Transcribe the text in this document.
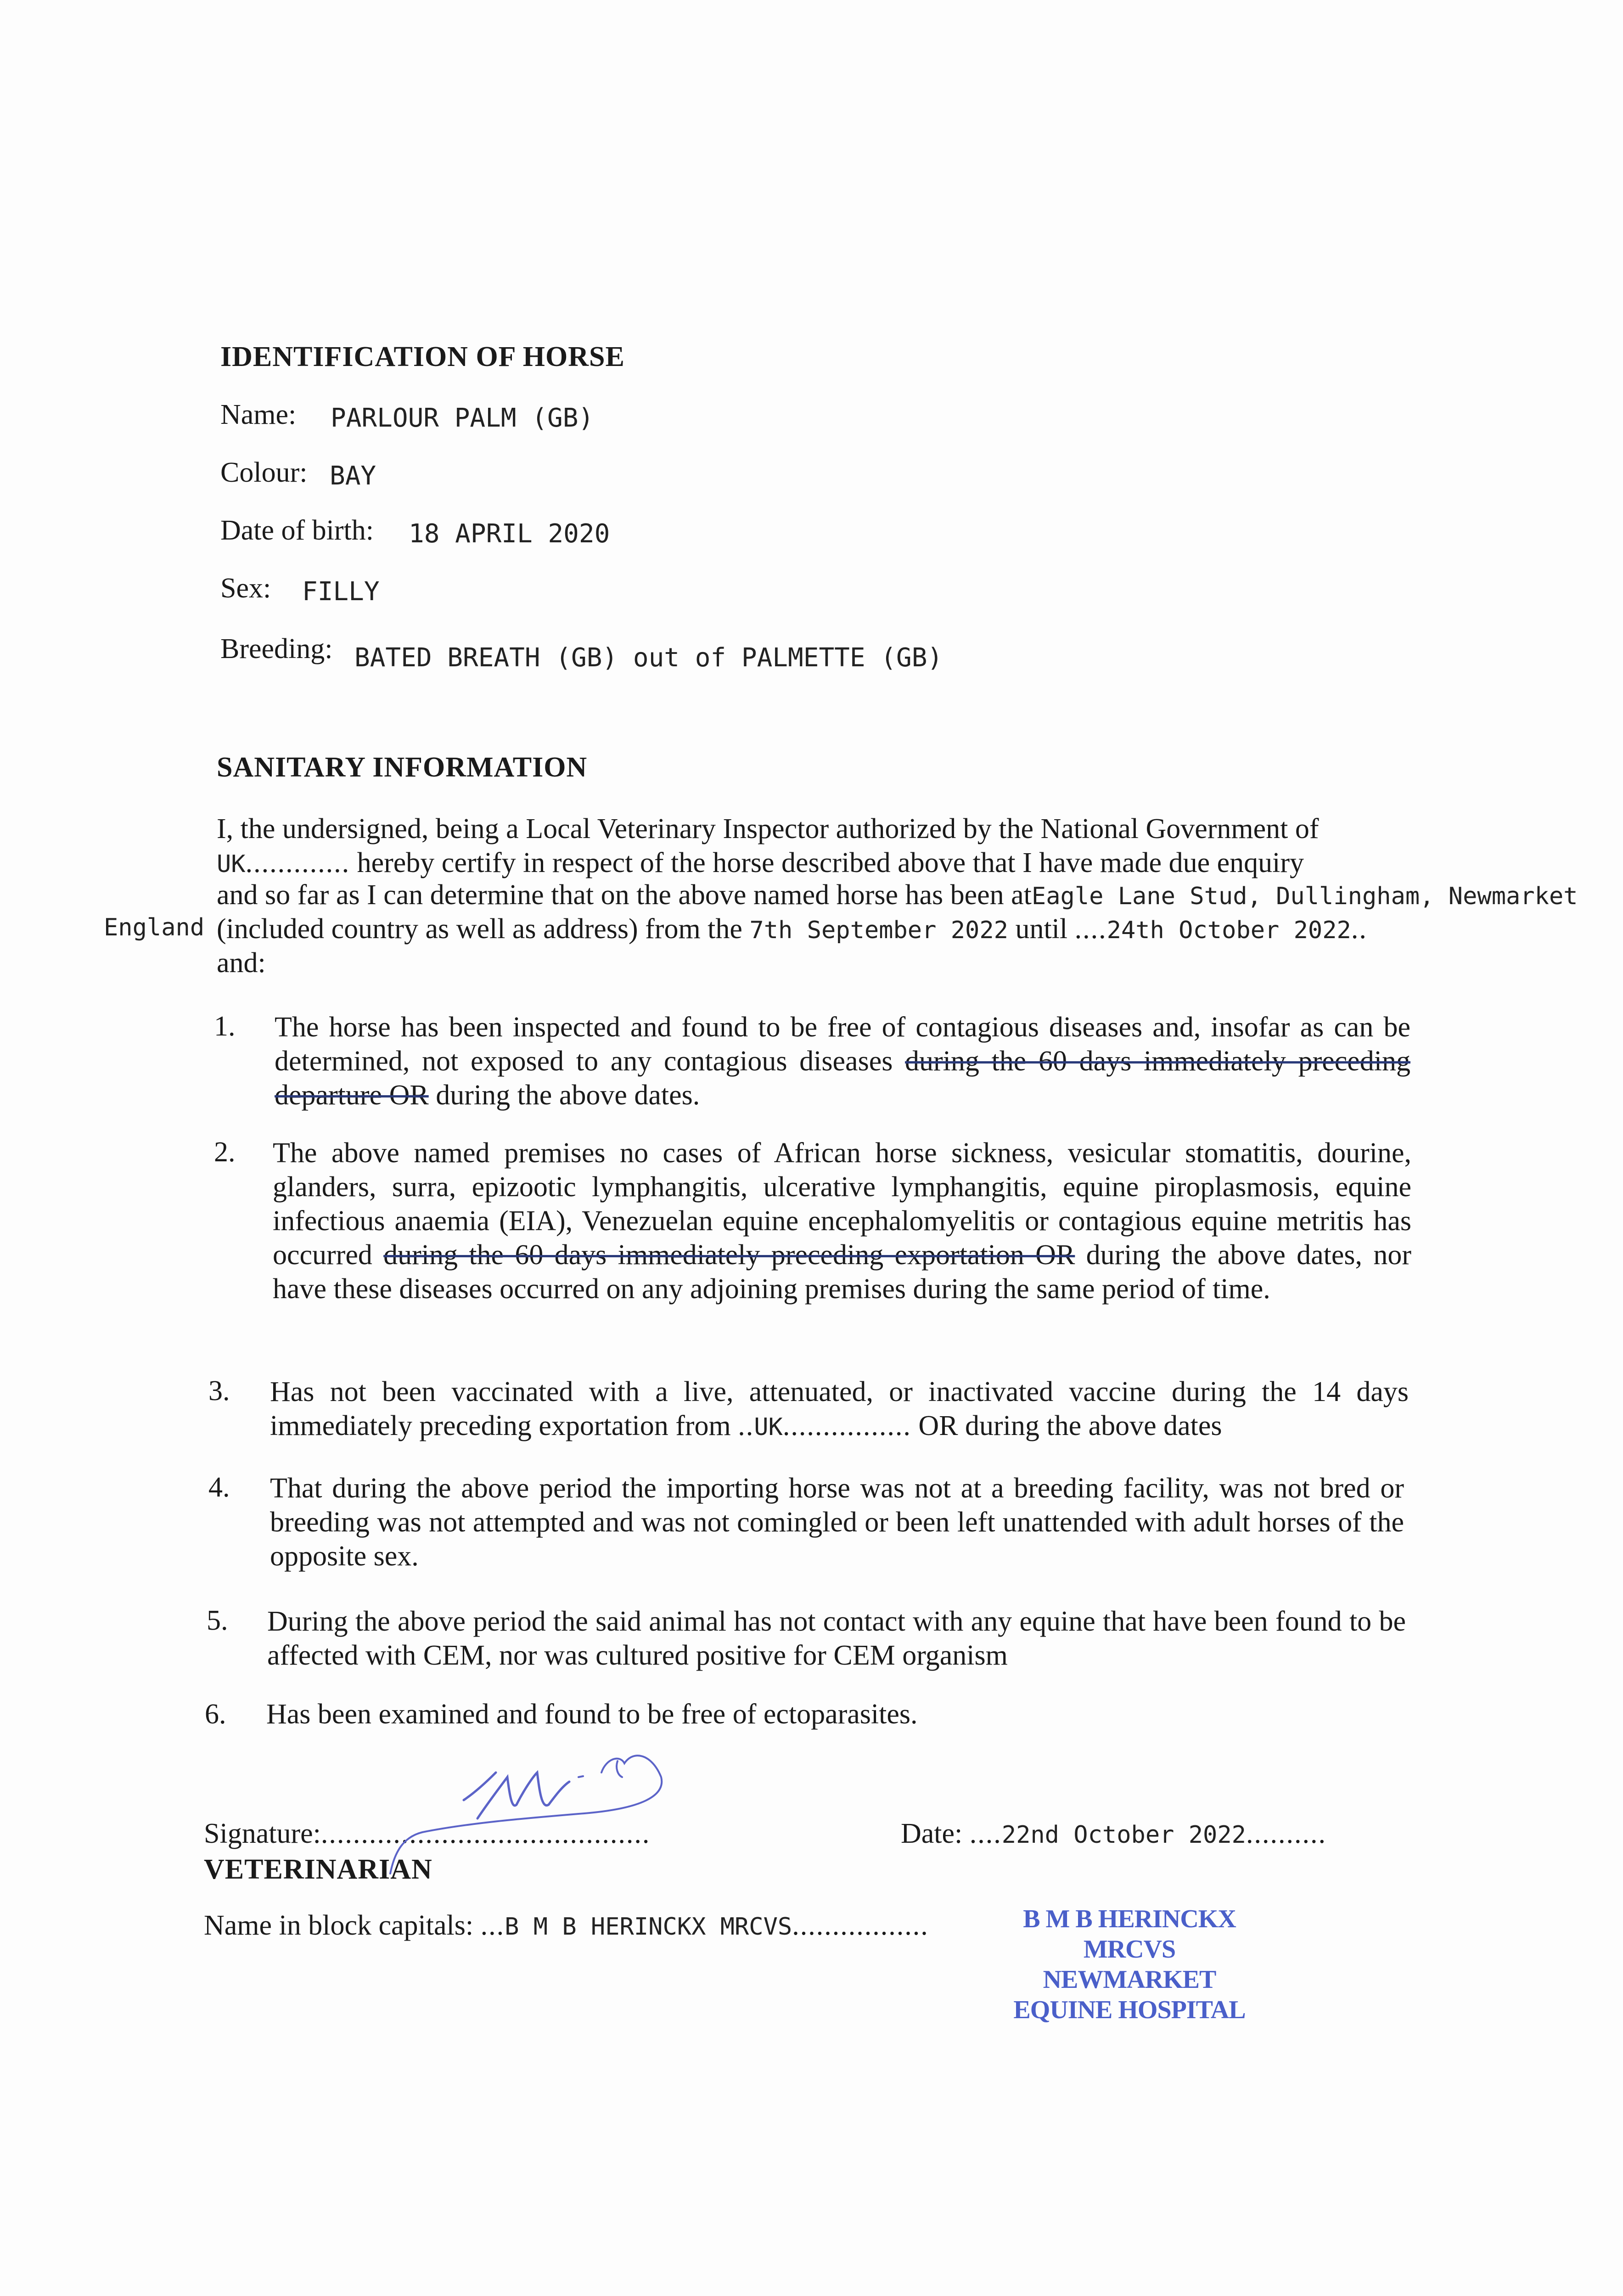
IDENTIFICATION OF HORSE
Name: PARLOUR PALM (GB)
Colour: BAY
Date of birth: 18 APRIL 2020
Sex: FILLY
Breeding: BATED BREATH (GB) out of PALMETTE (GB)
SANITARY INFORMATION
I, the undersigned, being a Local Veterinary Inspector authorized by the National Government of
UK............. hereby certify in respect of the horse described above that I have made due enquiry
and so far as I can determine that on the above named horse has been atEagle Lane Stud, Dullingham, Newmarket
England (included country as well as address) from the 7th September 2022 until ....24th October 2022..
and:
1. The horse has been inspected and found to be free of contagious diseases and, insofar as can be determined, not exposed to any contagious diseases during the 60 days immediately preceding departure OR during the above dates.
2. The above named premises no cases of African horse sickness, vesicular stomatitis, dourine, glanders, surra, epizootic lymphangitis, ulcerative lymphangitis, equine piroplasmosis, equine infectious anaemia (EIA), Venezuelan equine encephalomyelitis or contagious equine metritis has occurred during the 60 days immediately preceding exportation OR during the above dates, nor have these diseases occurred on any adjoining premises during the same period of time.
3. Has not been vaccinated with a live, attenuated, or inactivated vaccine during the 14 days immediately preceding exportation from ..UK................ OR during the above dates
4. That during the above period the importing horse was not at a breeding facility, was not bred or breeding was not attempted and was not comingled or been left unattended with adult horses of the opposite sex.
5. During the above period the said animal has not contact with any equine that have been found to be affected with CEM, nor was cultured positive for CEM organism
6. Has been examined and found to be free of ectoparasites.
Signature:.........................................
VETERINARIAN
Date: ....22nd October 2022..........
Name in block capitals: ...B M B HERINCKX MRCVS.................	B M B HERINCKX MRCVS
NEWMARKET
EQUINE HOSPITAL
